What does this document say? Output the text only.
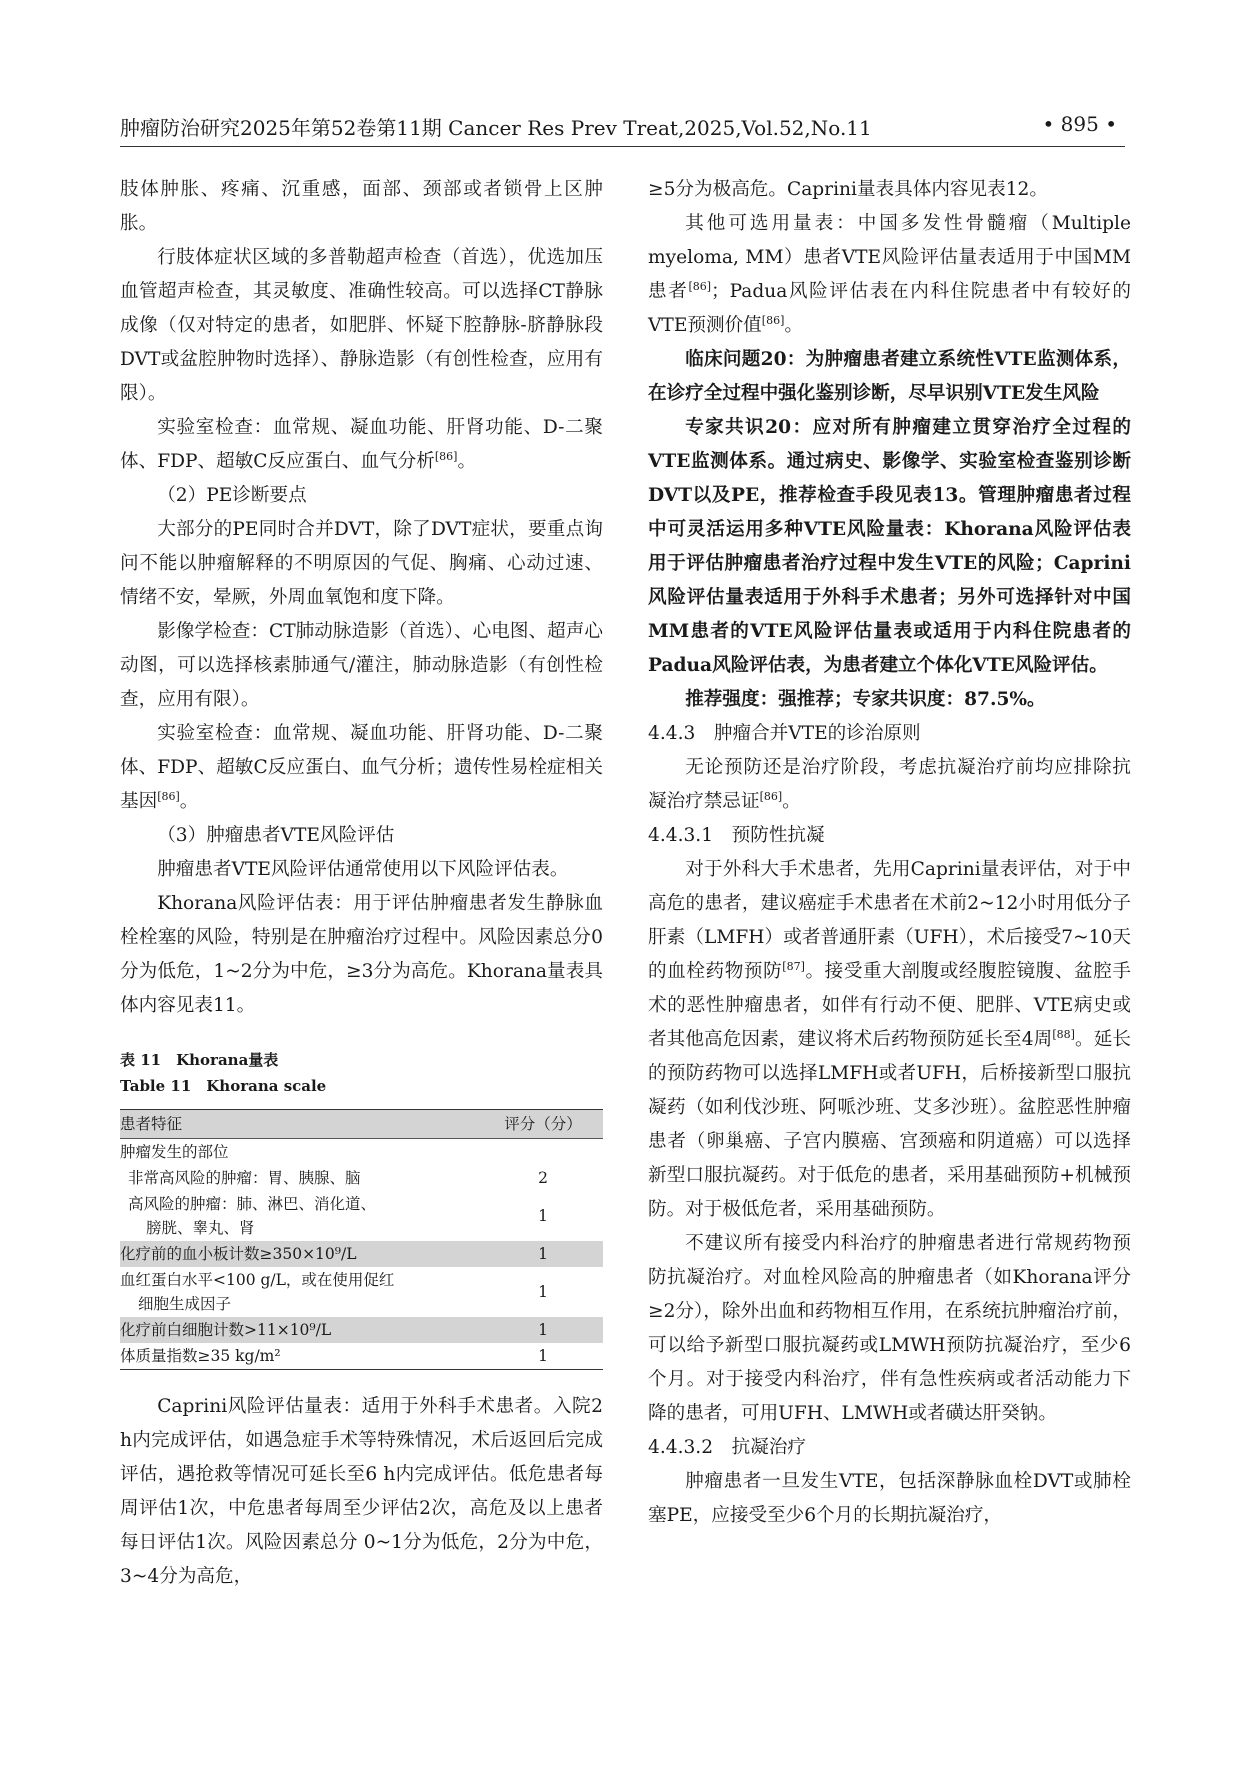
肿瘤防治研究2025年第52卷第11期 Cancer Res Prev Treat,2025,Vol.52,No.11	• 895 •

肢体肿胀、疼痛、沉重感，面部、颈部或者锁骨上区肿胀。

行肢体症状区域的多普勒超声检查（首选），优选加压血管超声检查，其灵敏度、准确性较高。可以选择CT静脉成像（仅对特定的患者，如肥胖、怀疑下腔静脉-脐静脉段DVT或盆腔肿物时选择）、静脉造影（有创性检查，应用有限）。

实验室检查：血常规、凝血功能、肝肾功能、D-二聚体、FDP、超敏C反应蛋白、血气分析[86]。

（2）PE诊断要点

大部分的PE同时合并DVT，除了DVT症状，要重点询问不能以肿瘤解释的不明原因的气促、胸痛、心动过速、情绪不安，晕厥，外周血氧饱和度下降。

影像学检查：CT肺动脉造影（首选）、心电图、超声心动图，可以选择核素肺通气/灌注，肺动脉造影（有创性检查，应用有限）。

实验室检查：血常规、凝血功能、肝肾功能、D-二聚体、FDP、超敏C反应蛋白、血气分析；遗传性易栓症相关基因[86]。

（3）肿瘤患者VTE风险评估

肿瘤患者VTE风险评估通常使用以下风险评估表。

Khorana风险评估表：用于评估肿瘤患者发生静脉血栓栓塞的风险，特别是在肿瘤治疗过程中。风险因素总分0分为低危，1~2分为中危，≥3分为高危。Khorana量表具体内容见表11。

表 11　Khorana量表

Table 11　Khorana scale

患者特征	评分（分）
肿瘤发生的部位	
非常高风险的肿瘤：胃、胰腺、脑	2

高风险的肿瘤：肺、淋巴、消化道、
膀胱、睾丸、肾	1
化疗前的血小板计数≥350×10⁹/L	1

血红蛋白水平<100 g/L，或在使用促红
细胞生成因子	1
化疗前白细胞计数>11×10⁹/L	1
体质量指数≥35 kg/m²	1

Caprini风险评估量表：适用于外科手术患者。入院2 h内完成评估，如遇急症手术等特殊情况，术后返回后完成评估，遇抢救等情况可延长至6 h内完成评估。低危患者每周评估1次，中危患者每周至少评估2次，高危及以上患者每日评估1次。风险因素总分 0~1分为低危，2分为中危，3~4分为高危，

≥5分为极高危。Caprini量表具体内容见表12。

其他可选用量表：中国多发性骨髓瘤（Multiple myeloma, MM）患者VTE风险评估量表适用于中国MM患者[86]；Padua风险评估表在内科住院患者中有较好的VTE预测价值[86]。

临床问题20：为肿瘤患者建立系统性VTE监测体系，在诊疗全过程中强化鉴别诊断，尽早识别VTE发生风险

专家共识20：应对所有肿瘤建立贯穿治疗全过程的VTE监测体系。通过病史、影像学、实验室检查鉴别诊断DVT以及PE，推荐检查手段见表13。管理肿瘤患者过程中可灵活运用多种VTE风险量表：Khorana风险评估表用于评估肿瘤患者治疗过程中发生VTE的风险；Caprini风险评估量表适用于外科手术患者；另外可选择针对中国MM患者的VTE风险评估量表或适用于内科住院患者的Padua风险评估表，为患者建立个体化VTE风险评估。

推荐强度：强推荐；专家共识度：87.5%。

4.4.3　肿瘤合并VTE的诊治原则

无论预防还是治疗阶段，考虑抗凝治疗前均应排除抗凝治疗禁忌证[86]。

4.4.3.1　预防性抗凝

对于外科大手术患者，先用Caprini量表评估，对于中高危的患者，建议癌症手术患者在术前2~12小时用低分子肝素（LMFH）或者普通肝素（UFH），术后接受7~10天的血栓药物预防[87]。接受重大剖腹或经腹腔镜腹、盆腔手术的恶性肿瘤患者，如伴有行动不便、肥胖、VTE病史或者其他高危因素，建议将术后药物预防延长至4周[88]。延长的预防药物可以选择LMFH或者UFH，后桥接新型口服抗凝药（如利伐沙班、阿哌沙班、艾多沙班）。盆腔恶性肿瘤患者（卵巢癌、子宫内膜癌、宫颈癌和阴道癌）可以选择新型口服抗凝药。对于低危的患者，采用基础预防+机械预防。对于极低危者，采用基础预防。

不建议所有接受内科治疗的肿瘤患者进行常规药物预防抗凝治疗。对血栓风险高的肿瘤患者（如Khorana评分≥2分），除外出血和药物相互作用，在系统抗肿瘤治疗前，可以给予新型口服抗凝药或LMWH预防抗凝治疗，至少6个月。对于接受内科治疗，伴有急性疾病或者活动能力下降的患者，可用UFH、LMWH或者磺达肝癸钠。

4.4.3.2　抗凝治疗

肿瘤患者一旦发生VTE，包括深静脉血栓DVT或肺栓塞PE，应接受至少6个月的长期抗凝治疗，
